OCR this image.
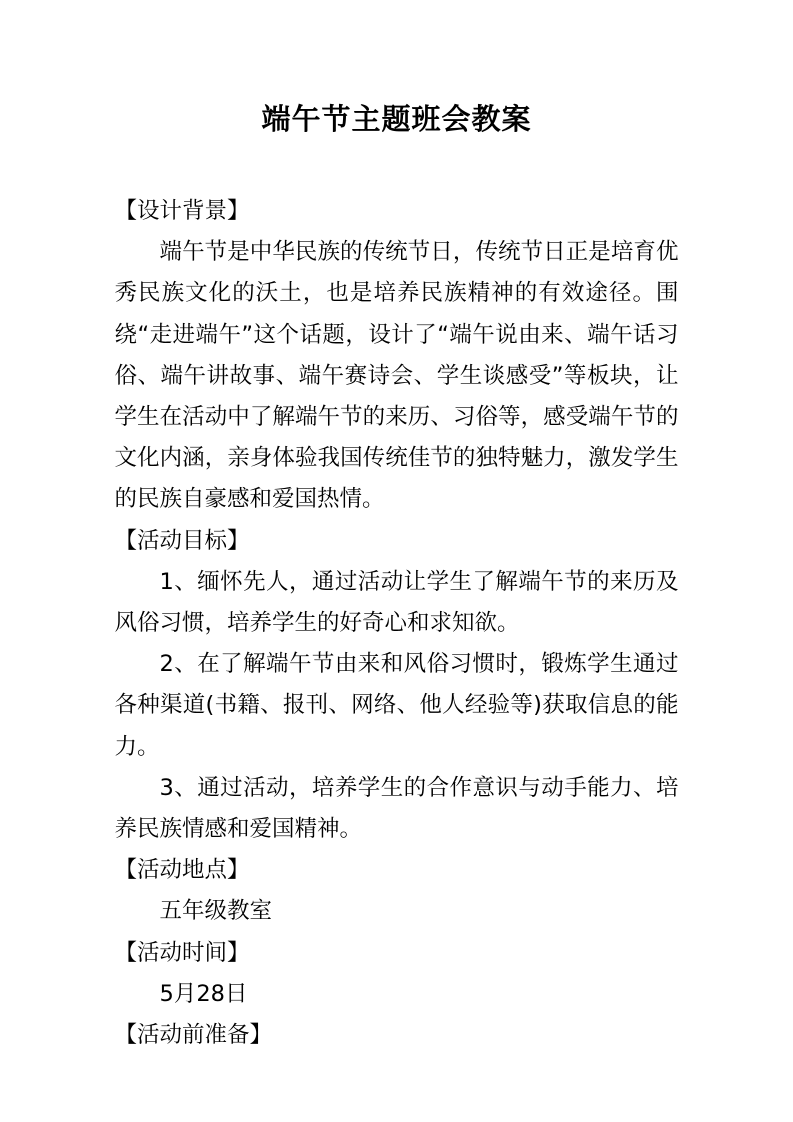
端午节主题班会教案

【设计背景】

端午节是中华民族的传统节日，传统节日正是培育优秀民族文化的沃土，也是培养民族精神的有效途径。围绕“走进端午”这个话题，设计了“端午说由来、端午话习俗、端午讲故事、端午赛诗会、学生谈感受”等板块，让学生在活动中了解端午节的来历、习俗等，感受端午节的文化内涵，亲身体验我国传统佳节的独特魅力，激发学生的民族自豪感和爱国热情。

【活动目标】

1、缅怀先人，通过活动让学生了解端午节的来历及风俗习惯，培养学生的好奇心和求知欲。

2、在了解端午节由来和风俗习惯时，锻炼学生通过各种渠道(书籍、报刊、网络、他人经验等)获取信息的能力。

3、通过活动，培养学生的合作意识与动手能力、培养民族情感和爱国精神。

【活动地点】

五年级教室

【活动时间】

5月28日

【活动前准备】
